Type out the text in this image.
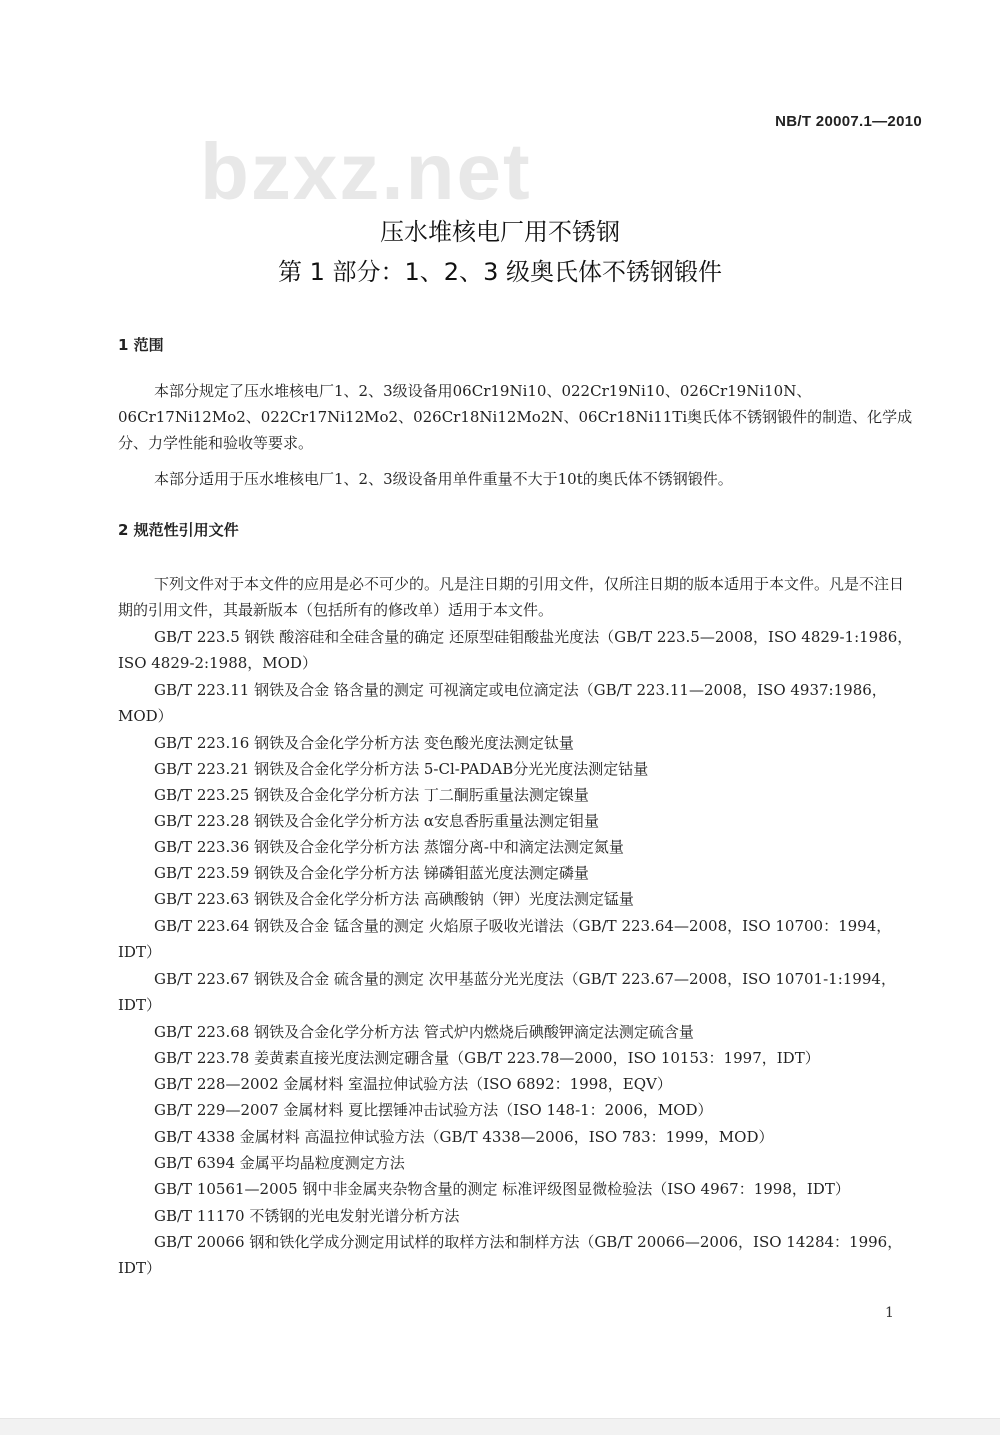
bzxz.net
NB/T 20007.1—2010
压水堆核电厂用不锈钢
第 1 部分：1、2、3 级奥氏体不锈钢锻件
1 范围
本部分规定了压水堆核电厂1、2、3级设备用06Cr19Ni10、022Cr19Ni10、026Cr19Ni10N、06Cr17Ni12Mo2、022Cr17Ni12Mo2、026Cr18Ni12Mo2N、06Cr18Ni11Ti奥氏体不锈钢锻件的制造、化学成分、力学性能和验收等要求。
本部分适用于压水堆核电厂1、2、3级设备用单件重量不大于10t的奥氏体不锈钢锻件。
2 规范性引用文件
下列文件对于本文件的应用是必不可少的。凡是注日期的引用文件，仅所注日期的版本适用于本文件。凡是不注日期的引用文件，其最新版本（包括所有的修改单）适用于本文件。
GB/T 223.5 钢铁 酸溶硅和全硅含量的确定 还原型硅钼酸盐光度法（GB/T 223.5—2008，ISO 4829-1:1986，ISO 4829-2:1988，MOD）
GB/T 223.11 钢铁及合金 铬含量的测定 可视滴定或电位滴定法（GB/T 223.11—2008，ISO 4937:1986，MOD）
GB/T 223.16 钢铁及合金化学分析方法 变色酸光度法测定钛量
GB/T 223.21 钢铁及合金化学分析方法 5-Cl-PADAB分光光度法测定钴量
GB/T 223.25 钢铁及合金化学分析方法 丁二酮肟重量法测定镍量
GB/T 223.28 钢铁及合金化学分析方法 α安息香肟重量法测定钼量
GB/T 223.36 钢铁及合金化学分析方法 蒸馏分离-中和滴定法测定氮量
GB/T 223.59 钢铁及合金化学分析方法 锑磷钼蓝光度法测定磷量
GB/T 223.63 钢铁及合金化学分析方法 高碘酸钠（钾）光度法测定锰量
GB/T 223.64 钢铁及合金 锰含量的测定 火焰原子吸收光谱法（GB/T 223.64—2008，ISO 10700：1994，IDT）
GB/T 223.67 钢铁及合金 硫含量的测定 次甲基蓝分光光度法（GB/T 223.67—2008，ISO 10701-1:1994，IDT）
GB/T 223.68 钢铁及合金化学分析方法 管式炉内燃烧后碘酸钾滴定法测定硫含量
GB/T 223.78 姜黄素直接光度法测定硼含量（GB/T 223.78—2000，ISO 10153：1997，IDT）
GB/T 228—2002 金属材料 室温拉伸试验方法（ISO 6892：1998，EQV）
GB/T 229—2007 金属材料 夏比摆锤冲击试验方法（ISO 148-1：2006，MOD）
GB/T 4338 金属材料 高温拉伸试验方法（GB/T 4338—2006，ISO 783：1999，MOD）
GB/T 6394 金属平均晶粒度测定方法
GB/T 10561—2005 钢中非金属夹杂物含量的测定 标准评级图显微检验法（ISO 4967：1998，IDT）
GB/T 11170 不锈钢的光电发射光谱分析方法
GB/T 20066 钢和铁化学成分测定用试样的取样方法和制样方法（GB/T 20066—2006，ISO 14284：1996，IDT）
1
